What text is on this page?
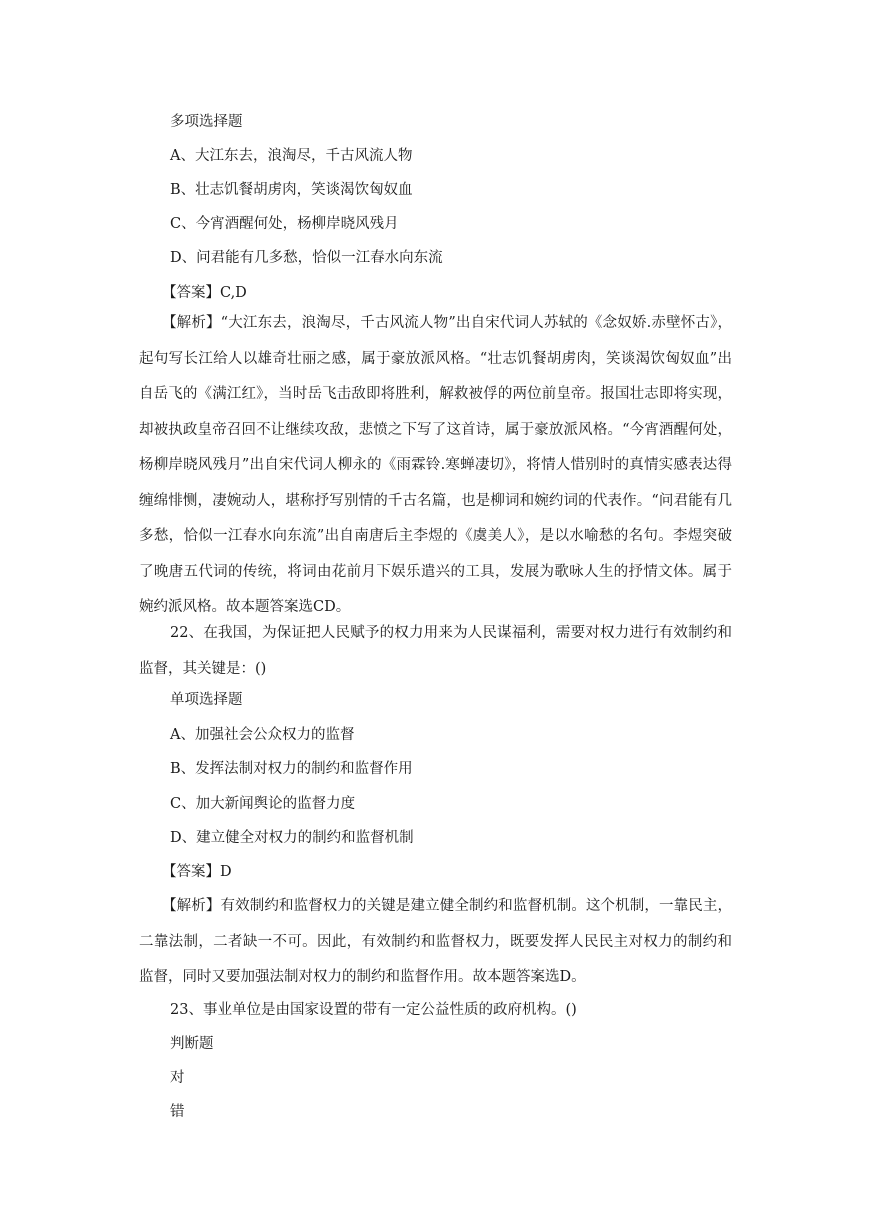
多项选择题
A、大江东去，浪淘尽，千古风流人物
B、壮志饥餐胡虏肉，笑谈渴饮匈奴血
C、今宵酒醒何处，杨柳岸晓风残月
D、问君能有几多愁，恰似一江春水向东流
【答案】C,D
【解析】“大江东去，浪淘尽，千古风流人物”出自宋代词人苏轼的《念奴娇.赤壁怀古》，起句写长江给人以雄奇壮丽之感，属于豪放派风格。“壮志饥餐胡虏肉，笑谈渴饮匈奴血”出自岳飞的《满江红》，当时岳飞击敌即将胜利，解救被俘的两位前皇帝。报国壮志即将实现，却被执政皇帝召回不让继续攻敌，悲愤之下写了这首诗，属于豪放派风格。“今宵酒醒何处，杨柳岸晓风残月”出自宋代词人柳永的《雨霖铃.寒蝉凄切》，将情人惜别时的真情实感表达得缠绵悱恻，凄婉动人，堪称抒写别情的千古名篇，也是柳词和婉约词的代表作。“问君能有几多愁，恰似一江春水向东流”出自南唐后主李煜的《虞美人》，是以水喻愁的名句。李煜突破了晚唐五代词的传统，将词由花前月下娱乐遣兴的工具，发展为歌咏人生的抒情文体。属于婉约派风格。故本题答案选CD。
22、在我国，为保证把人民赋予的权力用来为人民谋福利，需要对权力进行有效制约和监督，其关键是：()
单项选择题
A、加强社会公众权力的监督
B、发挥法制对权力的制约和监督作用
C、加大新闻舆论的监督力度
D、建立健全对权力的制约和监督机制
【答案】D
【解析】有效制约和监督权力的关键是建立健全制约和监督机制。这个机制，一靠民主，二靠法制，二者缺一不可。因此，有效制约和监督权力，既要发挥人民民主对权力的制约和监督，同时又要加强法制对权力的制约和监督作用。故本题答案选D。
23、事业单位是由国家设置的带有一定公益性质的政府机构。()
判断题
对
错
